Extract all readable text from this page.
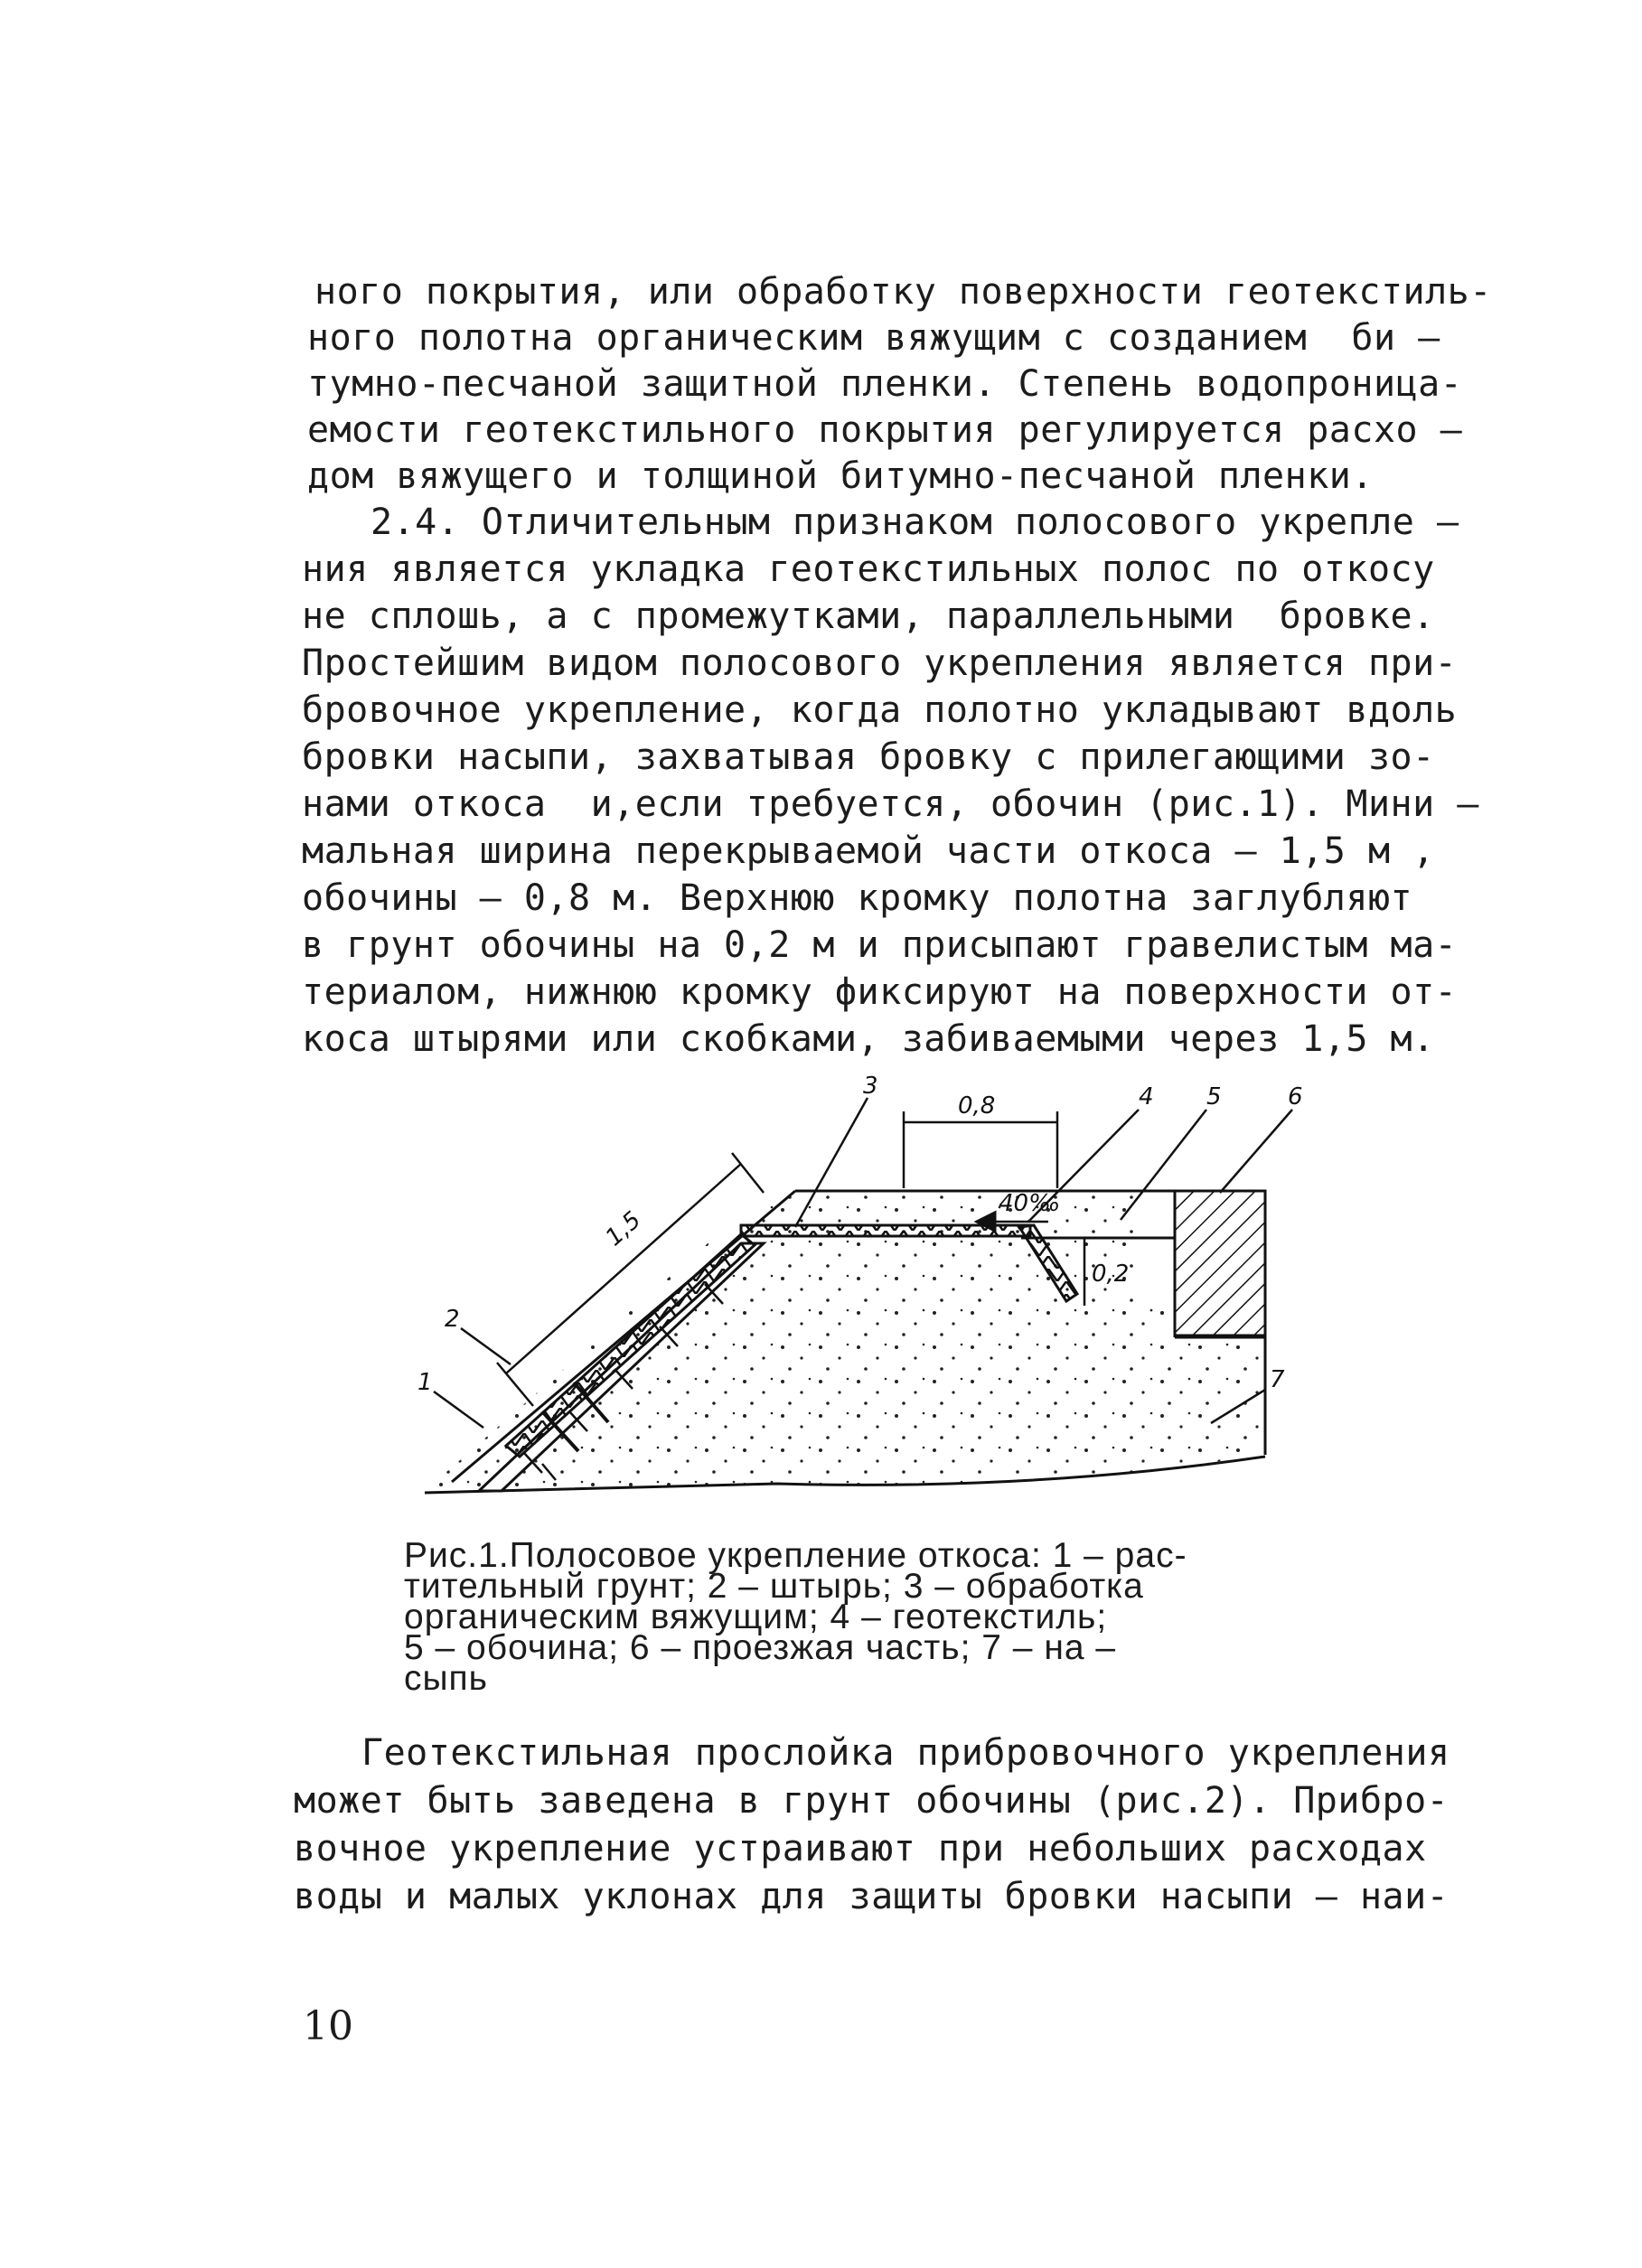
ного покрытия, или обработку поверхности геотекстиль-
ного полотна органическим вяжущим с созданием  би –
тумно-песчаной защитной пленки. Степень водопроница-
емости геотекстильного покрытия регулируется расхо –
дом вяжущего и толщиной битумно-песчаной пленки.
2.4. Отличительным признаком полосового укрепле –
ния является укладка геотекстильных полос по откосу
не сплошь, а с промежутками, параллельными  бровке.
Простейшим видом полосового укрепления является при-
бровочное укрепление, когда полотно укладывают вдоль
бровки насыпи, захватывая бровку с прилегающими зо-
нами откоса  и,если требуется, обочин (рис.1). Мини –
мальная ширина перекрываемой части откоса – 1,5 м ,
обочины – 0,8 м. Верхнюю кромку полотна заглубляют
в грунт обочины на 0,2 м и присыпают гравелистым ма-
териалом, нижнюю кромку фиксируют на поверхности от-
коса штырями или скобками, забиваемыми через 1,5 м.
1,5
0,8
0,2
40‰
2
1
3	4 5	6
7
Рис.1.Полосовое укрепление откоса: 1 – рас-
тительный грунт; 2 – штырь; 3 – обработка
органическим вяжущим; 4 – геотекстиль;
5 – обочина; 6 – проезжая часть; 7 – на –
сыпь
Геотекстильная прослойка прибровочного укрепления
может быть заведена в грунт обочины (рис.2). Прибро-
вочное укрепление устраивают при небольших расходах
воды и малых уклонах для защиты бровки насыпи – наи-
10
